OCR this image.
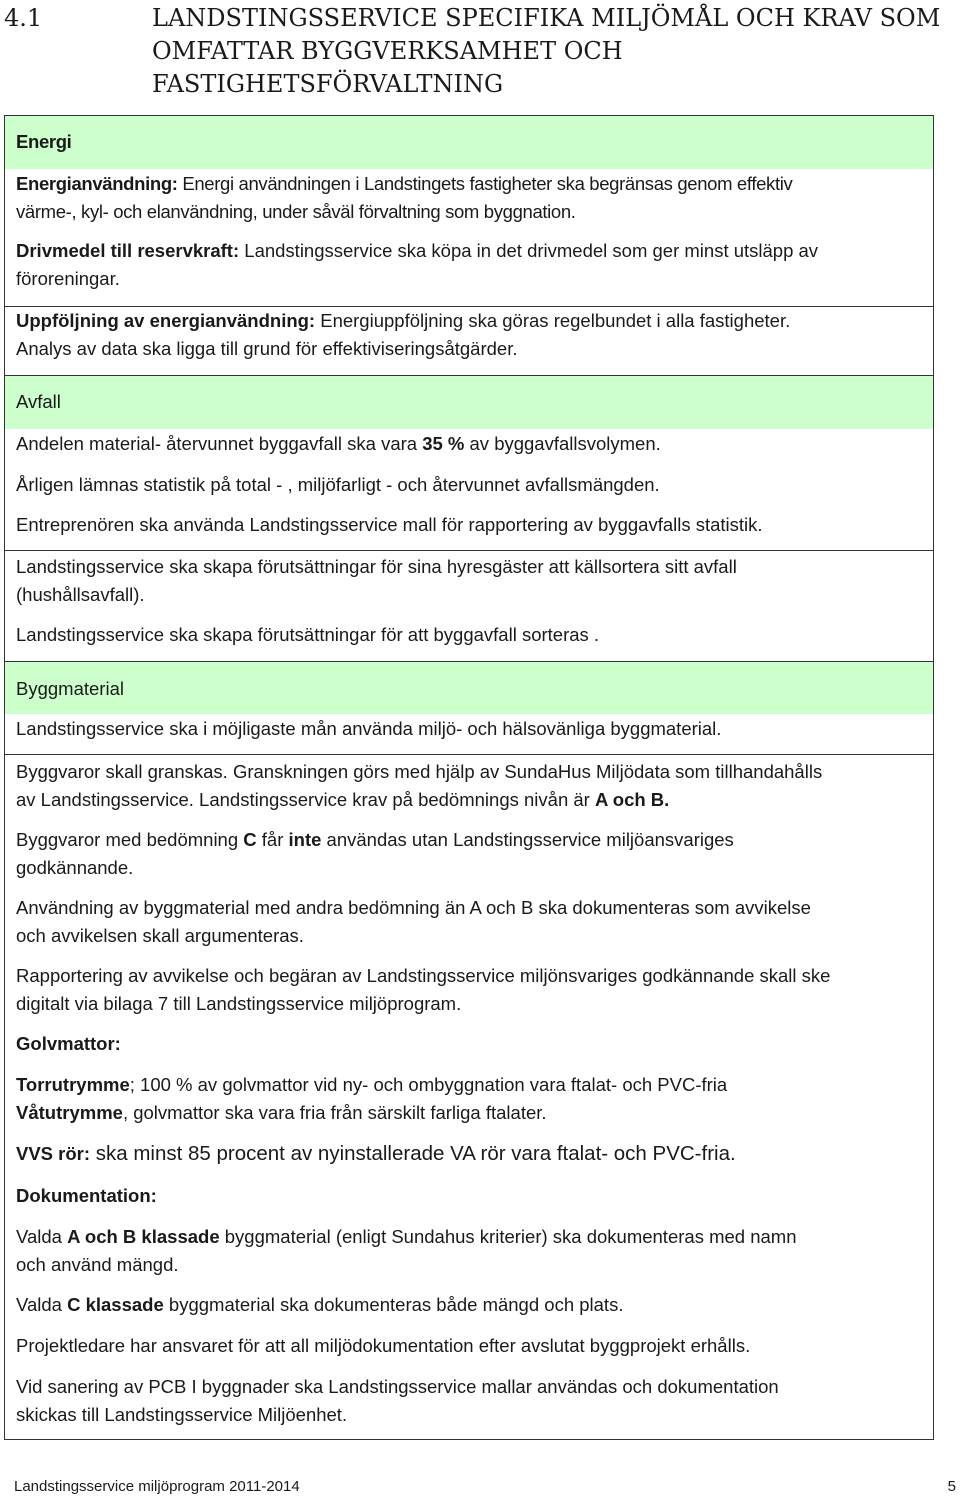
4.1	LANDSTINGSSERVICE SPECIFIKA MILJÖMÅL OCH KRAV SOM
OMFATTAR BYGGVERKSAMHET OCH
FASTIGHETSFÖRVALTNING
Energi
Energianvändning: Energi användningen i Landstingets fastigheter ska begränsas genom effektiv
värme-, kyl- och elanvändning, under såväl förvaltning som byggnation.
Drivmedel till reservkraft: Landstingsservice ska köpa in det drivmedel som ger minst utsläpp av
föroreningar.
Uppföljning av energianvändning: Energiuppföljning ska göras regelbundet i alla fastigheter.
Analys av data ska ligga till grund för effektiviseringsåtgärder.
Avfall
Andelen material- återvunnet byggavfall ska vara 35 % av byggavfallsvolymen.
Årligen lämnas statistik på total - , miljöfarligt - och återvunnet avfallsmängden.
Entreprenören ska använda Landstingsservice mall för rapportering av byggavfalls statistik.
Landstingsservice ska skapa förutsättningar för sina hyresgäster att källsortera sitt avfall
(hushållsavfall).
Landstingsservice ska skapa förutsättningar för att byggavfall sorteras .
Byggmaterial
Landstingsservice ska i möjligaste mån använda miljö- och hälsovänliga byggmaterial.
Byggvaror skall granskas. Granskningen görs med hjälp av SundaHus Miljödata som tillhandahålls
av Landstingsservice. Landstingsservice krav på bedömnings nivån är A och B.
Byggvaror med bedömning C får inte användas utan Landstingsservice miljöansvariges
godkännande.
Användning av byggmaterial med andra bedömning än A och B ska dokumenteras som avvikelse
och avvikelsen skall argumenteras.
Rapportering av avvikelse och begäran av Landstingsservice miljönsvariges godkännande skall ske
digitalt via bilaga 7 till Landstingsservice miljöprogram.
Golvmattor:
Torrutrymme; 100 % av golvmattor vid ny- och ombyggnation vara ftalat- och PVC-fria
Våtutrymme, golvmattor ska vara fria från särskilt farliga ftalater.
VVS rör: ska minst 85 procent av nyinstallerade VA rör vara ftalat- och PVC-fria.
Dokumentation:
Valda A och B klassade byggmaterial (enligt Sundahus kriterier) ska dokumenteras med namn
och använd mängd.
Valda C klassade byggmaterial ska dokumenteras både mängd och plats.
Projektledare har ansvaret för att all miljödokumentation efter avslutat byggprojekt erhålls.
Vid sanering av PCB I byggnader ska Landstingsservice mallar användas och dokumentation
skickas till Landstingsservice Miljöenhet.
Landstingsservice miljöprogram 2011-2014	5
